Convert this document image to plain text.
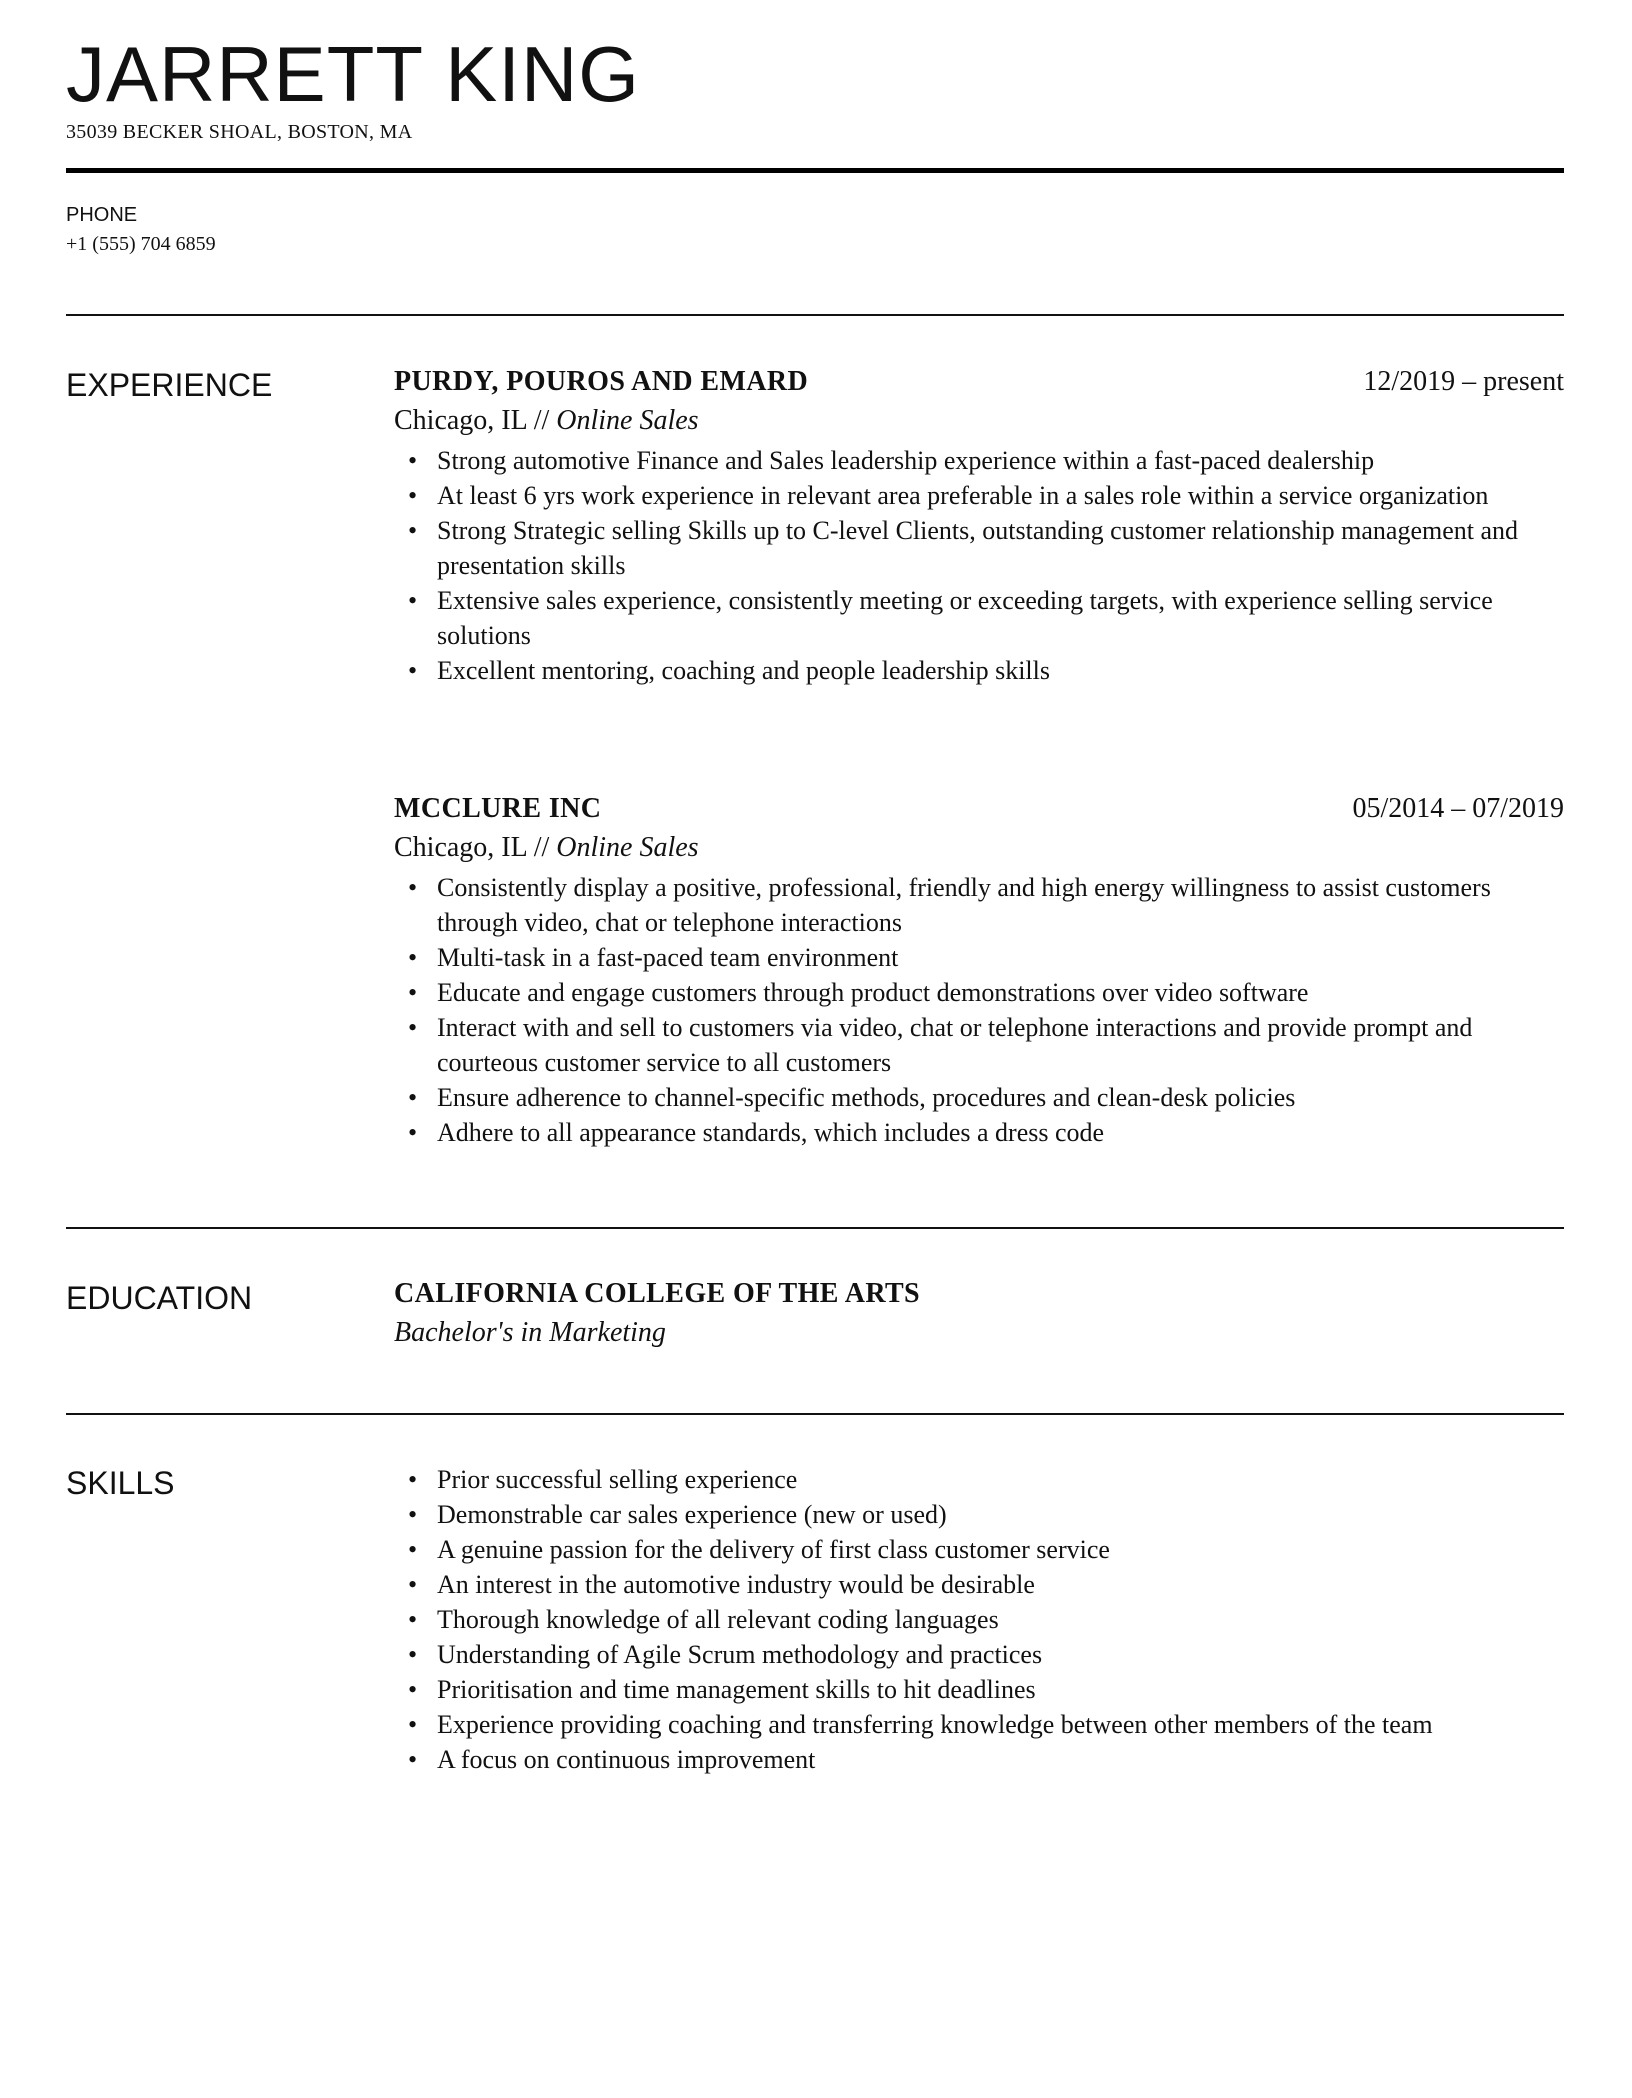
JARRETT KING
35039 BECKER SHOAL, BOSTON, MA
PHONE
+1 (555) 704 6859
EXPERIENCE	PURDY, POUROS AND EMARD	12/2019 – present
Chicago, IL // Online Sales
• Strong automotive Finance and Sales leadership experience within a fast-paced dealership
• At least 6 yrs work experience in relevant area preferable in a sales role within a service organization
• Strong Strategic selling Skills up to C-level Clients, outstanding customer relationship management and presentation skills
• Extensive sales experience, consistently meeting or exceeding targets, with experience selling service solutions
• Excellent mentoring, coaching and people leadership skills
MCCLURE INC	05/2014 – 07/2019
Chicago, IL // Online Sales
• Consistently display a positive, professional, friendly and high energy willingness to assist customers through video, chat or telephone interactions
• Multi-task in a fast-paced team environment
• Educate and engage customers through product demonstrations over video software
• Interact with and sell to customers via video, chat or telephone interactions and provide prompt and courteous customer service to all customers
• Ensure adherence to channel-specific methods, procedures and clean-desk policies
• Adhere to all appearance standards, which includes a dress code
EDUCATION	CALIFORNIA COLLEGE OF THE ARTS
Bachelor's in Marketing
SKILLS
•	Prior successful selling experience
• Demonstrable car sales experience (new or used)
• A genuine passion for the delivery of first class customer service
• An interest in the automotive industry would be desirable
• Thorough knowledge of all relevant coding languages
• Understanding of Agile Scrum methodology and practices
• Prioritisation and time management skills to hit deadlines
• Experience providing coaching and transferring knowledge between other members of the team
• A focus on continuous improvement
